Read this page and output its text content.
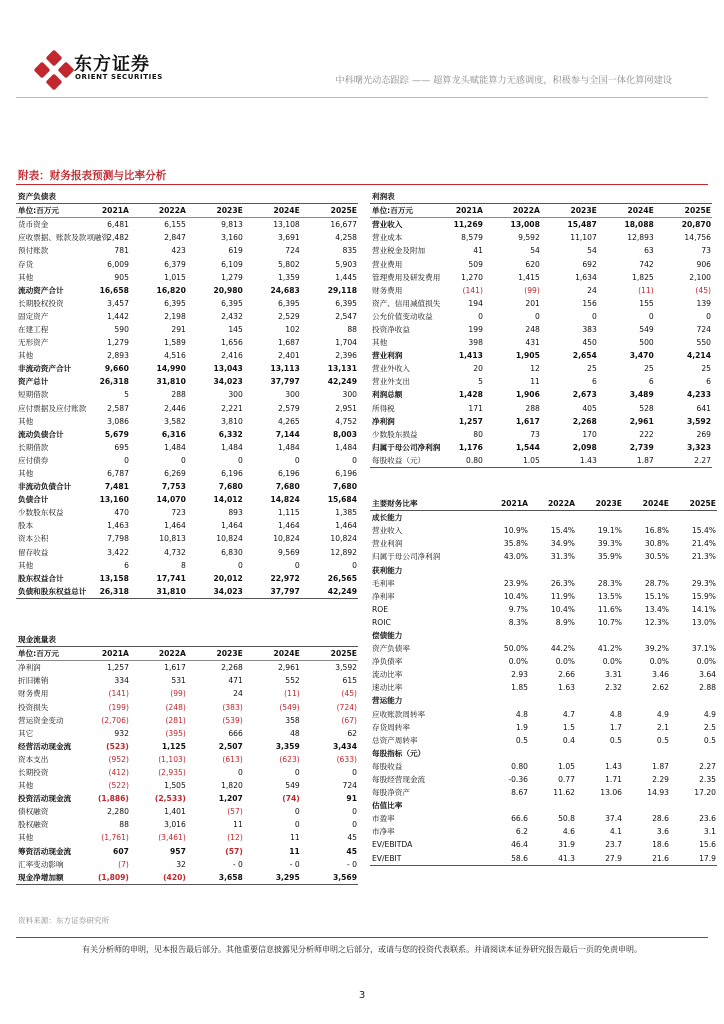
东方证券
ORIENT SECURITIES	中科曙光动态跟踪 —— 超算龙头赋能算力无感调度，积极参与全国一体化算网建设
附表：财务报表预测与比率分析
资产负债表					
单位:百万元	2021A	2022A	2023E	2024E	2025E
货币资金	6,481	6,155	9,813	13,108	16,677
应收票据、账款及款项融资	2,482	2,847	3,160	3,691	4,258
预付账款	781	423	619	724	835
存货	6,009	6,379	6,109	5,802	5,903
其他	905	1,015	1,279	1,359	1,445
流动资产合计	16,658	16,820	20,980	24,683	29,118
长期股权投资	3,457	6,395	6,395	6,395	6,395
固定资产	1,442	2,198	2,432	2,529	2,547
在建工程	590	291	145	102	88
无形资产	1,279	1,589	1,656	1,687	1,704
其他	2,893	4,516	2,416	2,401	2,396
非流动资产合计	9,660	14,990	13,043	13,113	13,131
资产总计	26,318	31,810	34,023	37,797	42,249
短期借款	5	288	300	300	300
应付票据及应付账款	2,587	2,446	2,221	2,579	2,951
其他	3,086	3,582	3,810	4,265	4,752
流动负债合计	5,679	6,316	6,332	7,144	8,003
长期借款	695	1,484	1,484	1,484	1,484
应付债券	0	0	0	0	0
其他	6,787	6,269	6,196	6,196	6,196
非流动负债合计	7,481	7,753	7,680	7,680	7,680
负债合计	13,160	14,070	14,012	14,824	15,684
少数股东权益	470	723	893	1,115	1,385
股本	1,463	1,464	1,464	1,464	1,464
资本公积	7,798	10,813	10,824	10,824	10,824
留存收益	3,422	4,732	6,830	9,569	12,892
其他	6	8	0	0	0
股东权益合计	13,158	17,741	20,012	22,972	26,565
负债和股东权益总计	26,318	31,810	34,023	37,797	42,249
现金流量表					
单位:百万元	2021A	2022A	2023E	2024E	2025E
净利润	1,257	1,617	2,268	2,961	3,592
折旧摊销	334	531	471	552	615
财务费用	(141)	(99)	24	(11)	(45)
投资损失	(199)	(248)	(383)	(549)	(724)
营运资金变动	(2,706)	(281)	(539)	358	(67)
其它	932	(395)	666	48	62
经营活动现金流	(523)	1,125	2,507	3,359	3,434
资本支出	(952)	(1,103)	(613)	(623)	(633)
长期投资	(412)	(2,935)	0	0	0
其他	(522)	1,505	1,820	549	724
投资活动现金流	(1,886)	(2,533)	1,207	(74)	91
债权融资	2,280	1,401	(57)	0	0
股权融资	88	3,016	11	0	0
其他	(1,761)	(3,461)	(12)	11	45
筹资活动现金流	607	957	(57)	11	45
汇率变动影响	(7)	32	- 0	- 0	- 0
现金净增加额	(1,809)	(420)	3,658	3,295	3,569
利润表					
单位:百万元	2021A	2022A	2023E	2024E	2025E
营业收入	11,269	13,008	15,487	18,088	20,870
营业成本	8,579	9,592	11,107	12,893	14,756
营业税金及附加	41	54	54	63	73
营业费用	509	620	692	742	906
管理费用及研发费用	1,270	1,415	1,634	1,825	2,100
财务费用	(141)	(99)	24	(11)	(45)
资产、信用减值损失	194	201	156	155	139
公允价值变动收益	0	0	0	0	0
投资净收益	199	248	383	549	724
其他	398	431	450	500	550
营业利润	1,413	1,905	2,654	3,470	4,214
营业外收入	20	12	25	25	25
营业外支出	5	11	6	6	6
利润总额	1,428	1,906	2,673	3,489	4,233
所得税	171	288	405	528	641
净利润	1,257	1,617	2,268	2,961	3,592
少数股东损益	80	73	170	222	269
归属于母公司净利润	1,176	1,544	2,098	2,739	3,323
每股收益（元）	0.80	1.05	1.43	1.87	2.27
主要财务比率	2021A	2022A	2023E	2024E	2025E
成长能力					
营业收入	10.9%	15.4%	19.1%	16.8%	15.4%
营业利润	35.8%	34.9%	39.3%	30.8%	21.4%
归属于母公司净利润	43.0%	31.3%	35.9%	30.5%	21.3%
获利能力					
毛利率	23.9%	26.3%	28.3%	28.7%	29.3%
净利率	10.4%	11.9%	13.5%	15.1%	15.9%
ROE	9.7%	10.4%	11.6%	13.4%	14.1%
ROIC	8.3%	8.9%	10.7%	12.3%	13.0%
偿债能力					
资产负债率	50.0%	44.2%	41.2%	39.2%	37.1%
净负债率	0.0%	0.0%	0.0%	0.0%	0.0%
流动比率	2.93	2.66	3.31	3.46	3.64
速动比率	1.85	1.63	2.32	2.62	2.88
营运能力					
应收账款周转率	4.8	4.7	4.8	4.9	4.9
存货周转率	1.9	1.5	1.7	2.1	2.5
总资产周转率	0.5	0.4	0.5	0.5	0.5
每股指标（元）					
每股收益	0.80	1.05	1.43	1.87	2.27
每股经营现金流	-0.36	0.77	1.71	2.29	2.35
每股净资产	8.67	11.62	13.06	14.93	17.20
估值比率					
市盈率	66.6	50.8	37.4	28.6	23.6
市净率	6.2	4.6	4.1	3.6	3.1
EV/EBITDA	46.4	31.9	23.7	18.6	15.6
EV/EBIT	58.6	41.3	27.9	21.6	17.9
资料来源：东方证券研究所
有关分析师的申明，见本报告最后部分。其他重要信息披露见分析师申明之后部分，或请与您的投资代表联系。并请阅读本证券研究报告最后一页的免责申明。
3
